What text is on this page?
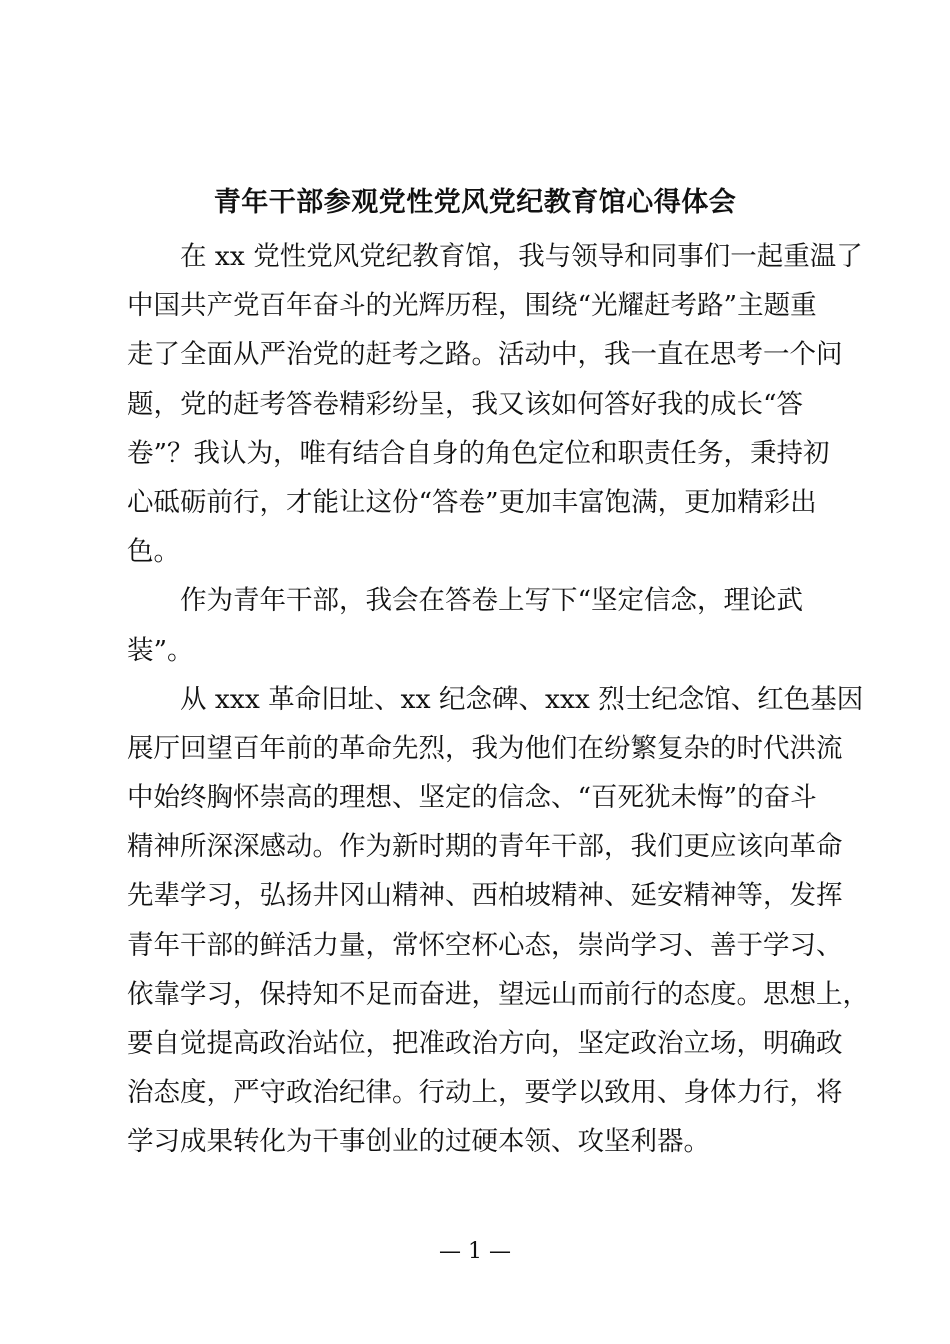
青年干部参观党性党风党纪教育馆心得体会
在 xx 党性党风党纪教育馆，我与领导和同事们一起重温了
中国共产党百年奋斗的光辉历程，围绕“光耀赶考路”主题重
走了全面从严治党的赶考之路。活动中，我一直在思考一个问
题，党的赶考答卷精彩纷呈，我又该如何答好我的成长“答
卷”？我认为，唯有结合自身的角色定位和职责任务，秉持初
心砥砺前行，才能让这份“答卷”更加丰富饱满，更加精彩出
色。
作为青年干部，我会在答卷上写下“坚定信念，理论武
装”。
从 xxx 革命旧址、xx 纪念碑、xxx 烈士纪念馆、红色基因
展厅回望百年前的革命先烈，我为他们在纷繁复杂的时代洪流
中始终胸怀崇高的理想、坚定的信念、“百死犹未悔”的奋斗
精神所深深感动。作为新时期的青年干部，我们更应该向革命
先辈学习，弘扬井冈山精神、西柏坡精神、延安精神等，发挥
青年干部的鲜活力量，常怀空杯心态，崇尚学习、善于学习、
依靠学习，保持知不足而奋进，望远山而前行的态度。思想上，
要自觉提高政治站位，把准政治方向，坚定政治立场，明确政
治态度，严守政治纪律。行动上，要学以致用、身体力行，将
学习成果转化为干事创业的过硬本领、攻坚利器。
— 1 —
